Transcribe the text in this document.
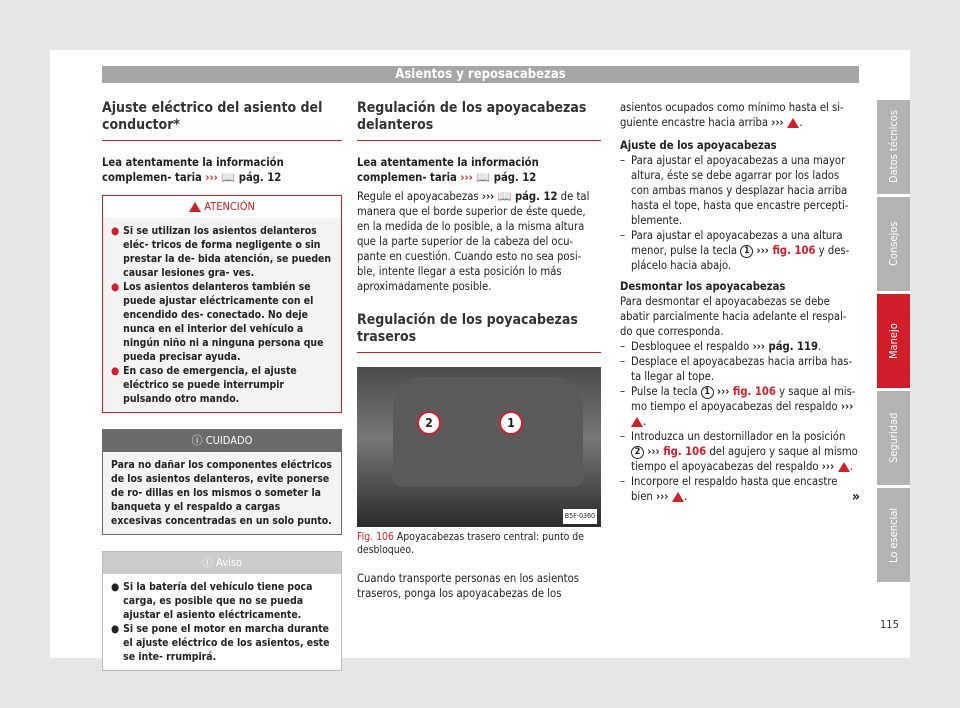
Asientos y reposacabezas
Ajuste eléctrico del asiento del conductor*

Lea atentamente la información complemen- taria ››› 📖 pág. 12

ATENCIÓN
● Si se utilizan los asientos delanteros eléc- tricos de forma negligente o sin prestar la de- bida atención, se pueden causar lesiones gra- ves.
● Los asientos delanteros también se puede ajustar eléctricamente con el encendido des- conectado. No deje nunca en el interior del vehículo a ningún niño ni a ninguna persona que pueda precisar ayuda.
● En caso de emergencia, el ajuste eléctrico se puede interrumpir pulsando otro mando.
ⓘ CUIDADO
Para no dañar los componentes eléctricos de los asientos delanteros, evite ponerse de ro- dillas en los mismos o someter la banqueta y el respaldo a cargas excesivas concentradas en un solo punto.
ⓘ Aviso
● Si la batería del vehículo tiene poca carga, es posible que no se pueda ajustar el asiento eléctricamente.
● Si se pone el motor en marcha durante el ajuste eléctrico de los asientos, este se inte- rrumpirá.
Regulación de los apoyacabezas delanteros

Lea atentamente la información complemen- taria ››› 📖 pág. 12

Regule el apoyacabezas ››› 📖 pág. 12 de tal manera que el borde superior de éste quede, en la medida de lo posible, a la misma altura que la parte superior de la cabeza del ocu- pante en cuestión. Cuando esto no sea posi- ble, intente llegar a esta posición lo más aproximadamente posible.

Regulación de los poyacabezas traseros
2	1
B5F-0360

Fig. 106 Apoyacabezas trasero central: punto de desbloqueo.

Cuando transporte personas en los asientos traseros, ponga los apoyacabezas de los

asientos ocupados como mínimo hasta el si- guiente encastre hacia arriba ››› .

Ajuste de los apoyacabezas

– Para ajustar el apoyacabezas a una mayor altura, éste se debe agarrar por los lados con ambas manos y desplazar hacia arriba hasta el tope, hasta que encastre percepti- blemente.
– Para ajustar el apoyacabezas a una altura menor, pulse la tecla 1 ››› fig. 106 y des- plácelo hacia abajo.

Desmontar los apoyacabezas

Para desmontar el apoyacabezas se debe abatir parcialmente hacia adelante el respal- do que corresponda.

– Desbloquee el respaldo ››› pág. 119.
– Desplace el apoyacabezas hacia arriba has- ta llegar al tope.
– Pulse la tecla 1 ››› fig. 106 y saque al mis- mo tiempo el apoyacabezas del respaldo ››› .
– Introduzca un destornillador en la posición 2 ››› fig. 106 del agujero y saque al mismo tiempo el apoyacabezas del respaldo ››› .
– Incorpore el respaldo hasta que encastre bien ››› .	»
Datos técnicos
Consejos
Manejo
Seguridad
Lo esencial
115
